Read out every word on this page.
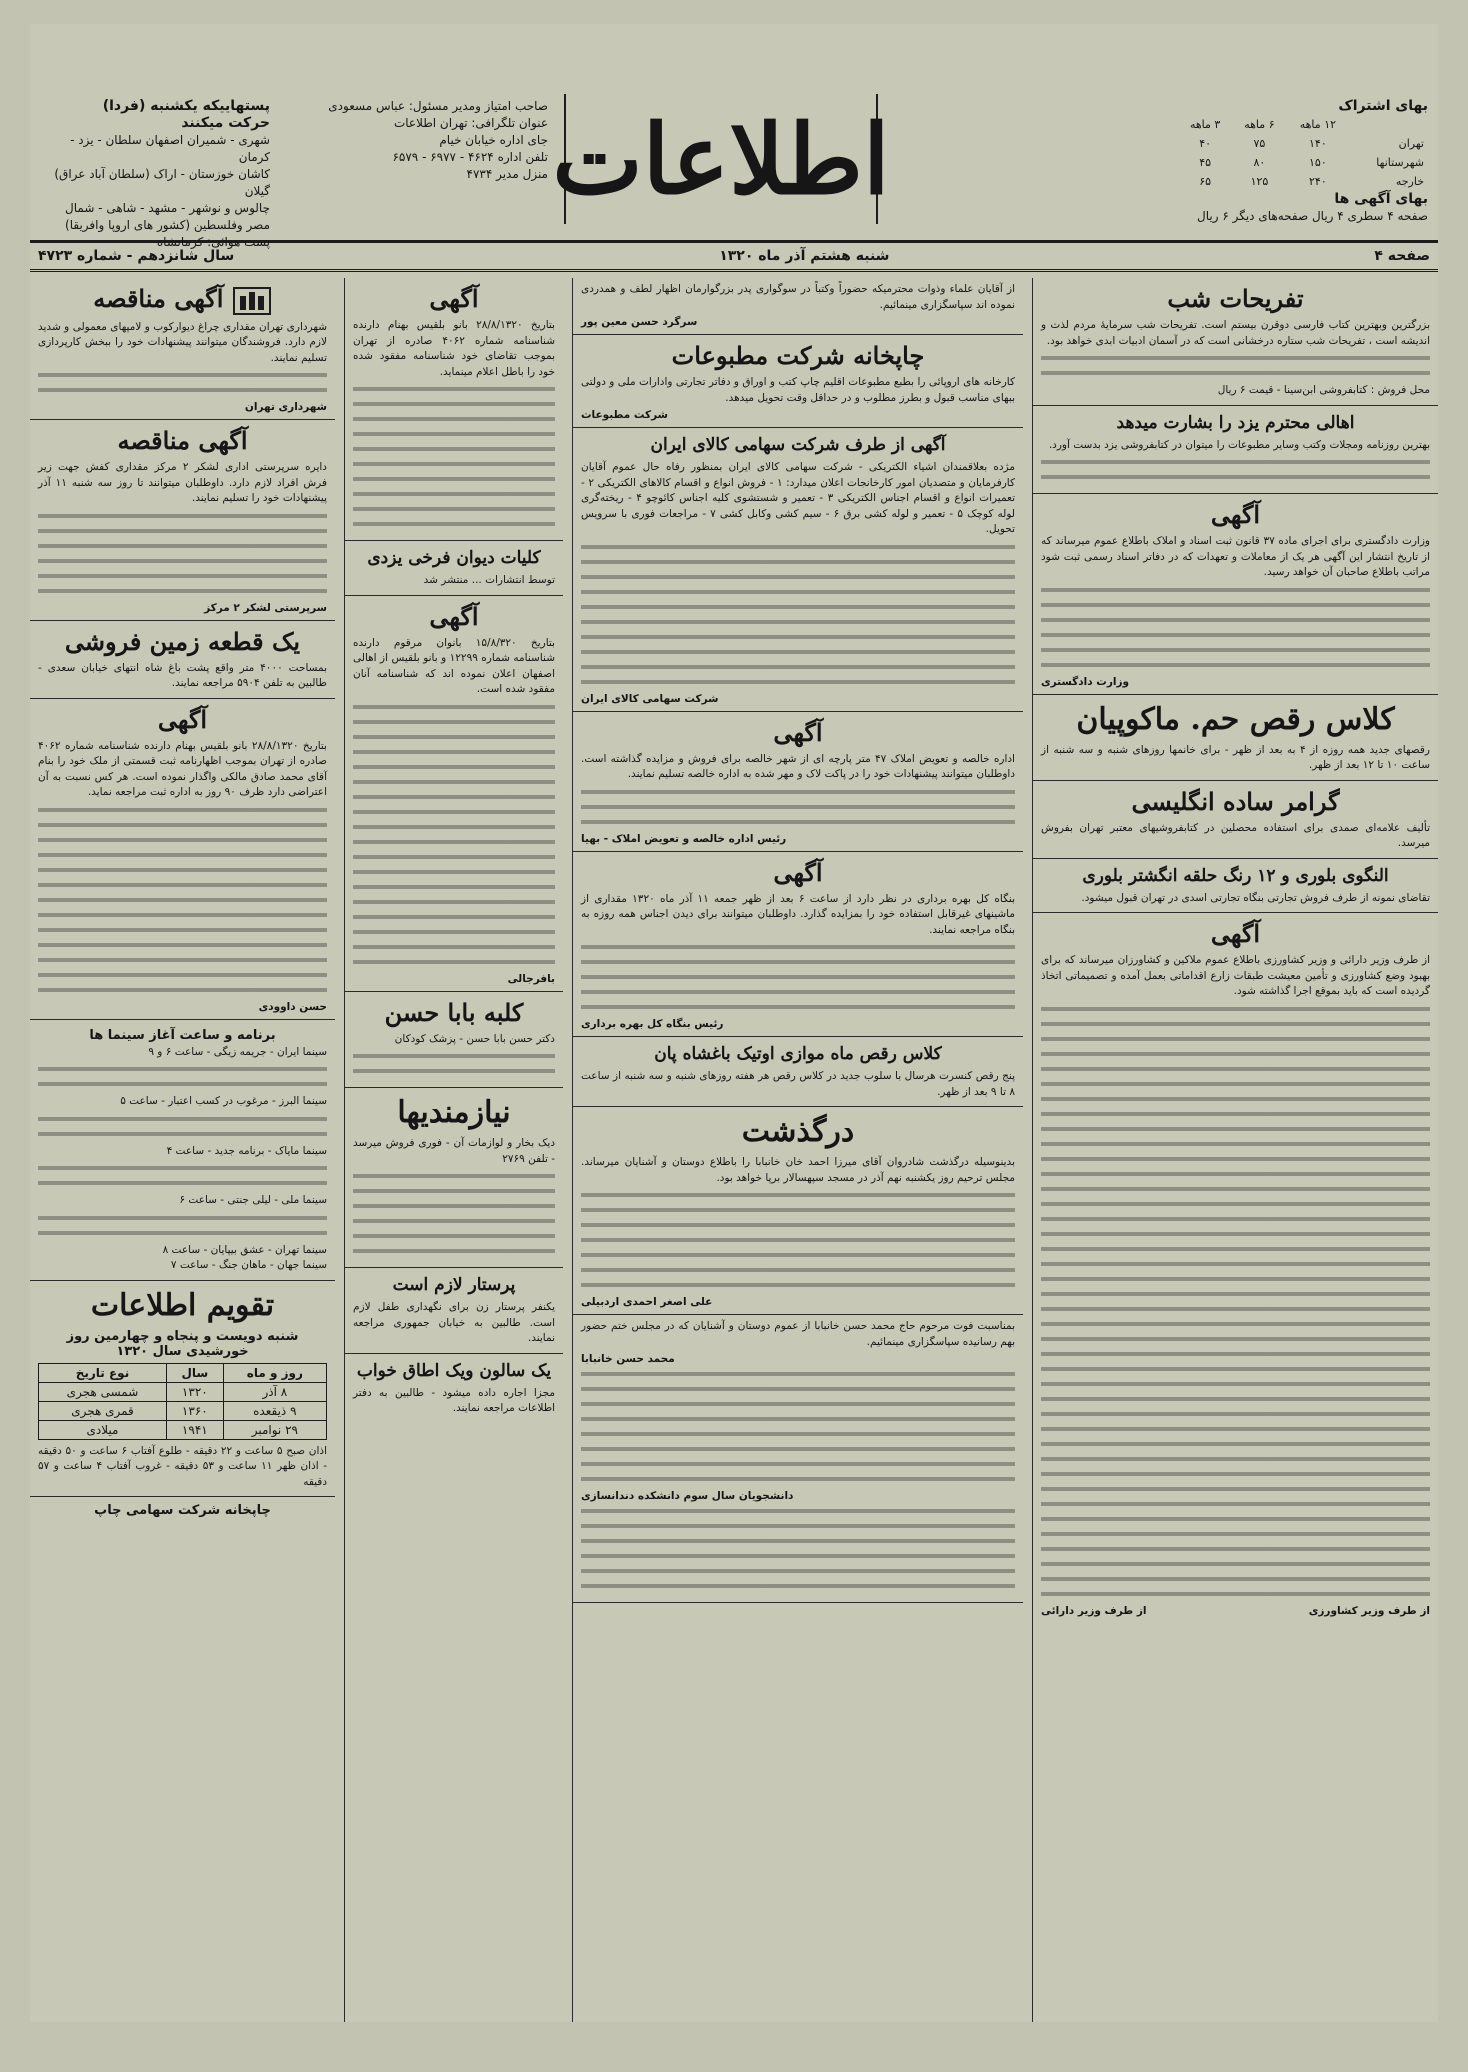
بهای اشتراک
	۱۲ ماهه	۶ ماهه	۳ ماهه
تهران	۱۴۰	۷۵	۴۰
شهرستانها	۱۵۰	۸۰	۴۵
خارجه	۲۴۰	۱۲۵	۶۵
بهای آگهی ها
صفحه ۴ سطری ۴ ریال صفحه‌های دیگر ۶ ریال
اطلاعات
صاحب امتیاز ومدیر مسئول: عباس مسعودی
عنوان تلگرافی: تهران اطلاعات
جای اداره خیابان خیام
تلفن اداره ۴۶۲۴ - ۶۹۷۷ - ۶۵۷۹
منزل مدیر ۴۷۳۴
پستهاییکه یکشنبه (فردا)
حرکت میکنند
شهری - شمیران اصفهان سلطان - یزد - کرمان
کاشان خوزستان - اراک (سلطان آباد عراق) گیلان
چالوس و نوشهر - مشهد - شاهی - شمال
مصر وفلسطین (کشور های اروپا وافریقا)
پست هوائی: کرمانشاه
صفحه ۴
شنبه هشتم آذر ماه ۱۳۲۰
سال شانزدهم - شماره ۴۷۲۳
تفریحات شب

بزرگترین وبهترین کتاب فارسی دوقرن بیستم است. تفریحات شب سرمایهٔ مردم لذت و اندیشه است ، تفریحات شب ستاره درخشانی است که در آسمان ادبیات ابدی خواهد بود.

محل فروش : کتابفروشی ابن‌سینا - قیمت ۶ ریال

اهالی محترم یزد را بشارت میدهد

بهترین روزنامه ومجلات وکتب وسایر مطبوعات را میتوان در کتابفروشی یزد بدست آورد.

آگهی

وزارت دادگستری برای اجرای ماده ۳۷ قانون ثبت اسناد و املاک باطلاع عموم میرساند که از تاریخ انتشار این آگهی هر یک از معاملات و تعهدات که در دفاتر اسناد رسمی ثبت شود مراتب باطلاع صاحبان آن خواهد رسید.

وزارت دادگستری
کلاس رقص حم. ماکوپیان

رقصهای جدید همه روزه از ۴ به بعد از ظهر - برای خانمها روزهای شنبه و سه شنبه از ساعت ۱۰ تا ۱۲ بعد از ظهر.

گرامر ساده انگلیسی

تألیف علامه‌ای صمدی برای استفاده محصلین در کتابفروشیهای معتبر تهران بفروش میرسد.

النگوی بلوری و ۱۲ رنگ حلقه انگشتر بلوری

تقاضای نمونه از طرف فروش تجارتی بنگاه تجارتی اسدی در تهران قبول میشود.

آگهی

از طرف وزیر دارائی و وزیر کشاورزی باطلاع عموم ملاکین و کشاورزان میرساند که برای بهبود وضع کشاورزی و تأمین معیشت طبقات زارع اقداماتی بعمل آمده و تصمیماتی اتخاذ گردیده است که باید بموقع اجرا گذاشته شود.

از طرف وزیر کشاورزی
از طرف وزیر دارائی

از آقایان علماء وذوات محترمیکه حضوراً وکتباً در سوگواری پدر بزرگوارمان اظهار لطف و همدردی نموده اند سپاسگزاری مینمائیم.

سرگرد حسن معین پور
چاپخانه شرکت مطبوعات

کارخانه های اروپائی را بطبع مطبوعات اقلیم چاپ کتب و اوراق و دفاتر تجارتی وادارات ملی و دولتی ببهای مناسب قبول و بطرز مطلوب و در حداقل وقت تحویل میدهد.

شرکت مطبوعات
آگهی از طرف شرکت سهامی کالای ایران

مژده بعلاقمندان اشیاء الکتریکی - شرکت سهامی کالای ایران بمنظور رفاه حال عموم آقایان کارفرمایان و متصدیان امور کارخانجات اعلان میدارد: ۱ - فروش انواع و اقسام کالاهای الکتریکی ۲ - تعمیرات انواع و اقسام اجناس الکتریکی ۳ - تعمیر و شستشوی کلیه اجناس کائوچو ۴ - ریخته‌گری لوله کوچک ۵ - تعمیر و لوله کشی برق ۶ - سیم کشی وکابل کشی ۷ - مراجعات فوری با سرویس تحویل.

شرکت سهامی کالای ایران
آگهی

اداره خالصه و تعویض املاک ۴۷ متر پارچه ای از شهر خالصه برای فروش و مزایده گذاشته است. داوطلبان میتوانند پیشنهادات خود را در پاکت لاک و مهر شده به اداره خالصه تسلیم نمایند.

رئیس اداره خالصه و تعویض املاک - بهیا
آگهی

بنگاه کل بهره برداری در نظر دارد از ساعت ۶ بعد از ظهر جمعه ۱۱ آذر ماه ۱۳۲۰ مقداری از ماشینهای غیرقابل استفاده خود را بمزایده گذارد. داوطلبان میتوانند برای دیدن اجناس همه روزه به بنگاه مراجعه نمایند.

رئیس بنگاه کل بهره برداری
کلاس رقص ماه موازی اوتیک باغشاه پان

پنج رقص کنسرت هرسال با سلوب جدید در کلاس رقص هر هفته روزهای شنبه و سه شنبه از ساعت ۸ تا ۹ بعد از ظهر.

درگذشت

بدینوسیله درگذشت شادروان آقای میرزا احمد خان خانبابا را باطلاع دوستان و آشنایان میرساند. مجلس ترحیم روز یکشنبه نهم آذر در مسجد سپهسالار برپا خواهد بود.

علی اصغر احمدی اردبیلی

بمناسبت فوت مرحوم حاج محمد حسن خانبابا از عموم دوستان و آشنایان که در مجلس ختم حضور بهم رسانیده سپاسگزاری مینمائیم.

محمد حسن خانبابا
دانشجویان سال سوم دانشکده دندانسازی
آگهی

بتاریخ ۲۸/۸/۱۳۲۰ بانو بلقیس بهنام دارنده شناسنامه شماره ۴۰۶۲ صادره از تهران بموجب تقاضای خود شناسنامه مفقود شده خود را باطل اعلام مینماید.

کلیات دیوان فرخی یزدی

توسط انتشارات ... منتشر شد

آگهی

بتاریخ ۱۵/۸/۳۲۰ بانوان مرقوم دارنده شناسنامه شماره ۱۲۲۹۹ و بانو بلقیس از اهالی اصفهان اعلان نموده اند که شناسنامه آنان مفقود شده است.

بافرجالی
کلبه بابا حسن

دکتر حسن بابا حسن - پزشک کودکان

نیازمندیها

دیک بخار و لوازمات آن - فوری فروش میرسد - تلفن ۲۷۶۹

پرستار لازم است

یکنفر پرستار زن برای نگهداری طفل لازم است. طالبین به خیابان جمهوری مراجعه نمایند.

یک سالون ویک اطاق خواب

مجزا اجاره داده میشود - طالبین به دفتر اطلاعات مراجعه نمایند.

آگهی مناقصه

شهرداری تهران مقداری چراغ دیوارکوب و لامپهای معمولی و شدید لازم دارد. فروشندگان میتوانند پیشنهادات خود را ببخش کارپردازی تسلیم نمایند.

شهرداری تهران
آگهی مناقصه

دایره سرپرستی اداری لشکر ۲ مرکز مقداری کفش جهت زیر فرش افراد لازم دارد. داوطلبان میتوانند تا روز سه شنبه ۱۱ آذر پیشنهادات خود را تسلیم نمایند.

سرپرستی لشکر ۲ مرکز
یک قطعه زمین فروشی

بمساحت ۴۰۰۰ متر واقع پشت باغ شاه انتهای خیابان سعدی - طالبین به تلفن ۵۹۰۴ مراجعه نمایند.

آگهی

بتاریخ ۲۸/۸/۱۳۲۰ بانو بلقیس بهنام دارنده شناسنامه شماره ۴۰۶۲ صادره از تهران بموجب اظهارنامه ثبت قسمتی از ملک خود را بنام آقای محمد صادق مالکی واگذار نموده است. هر کس نسبت به آن اعتراضی دارد ظرف ۹۰ روز به اداره ثبت مراجعه نماید.

حسن داوودی
برنامه و ساعت آغاز سینما ها

سینما ایران - جریمه زیگی - ساعت ۶ و ۹

سینما البرز - مرغوب در کسب اعتبار - ساعت ۵

سینما مایاک - برنامه جدید - ساعت ۴

سینما ملی - لیلی جنتی - ساعت ۶

سینما تهران - عشق بیپایان - ساعت ۸

سینما جهان - ماهان جنگ - ساعت ۷

تقویم اطلاعات
شنبه دویست و پنجاه و چهارمین روز خورشیدی سال ۱۳۲۰
روز و ماه	سال	نوع تاریخ
۸ آذر	۱۳۲۰	شمسی هجری
۹ ذیقعده	۱۳۶۰	قمری هجری
۲۹ نوامبر	۱۹۴۱	میلادی

اذان صبح ۵ ساعت و ۲۲ دقیقه - طلوع آفتاب ۶ ساعت و ۵۰ دقیقه - اذان ظهر ۱۱ ساعت و ۵۳ دقیقه - غروب آفتاب ۴ ساعت و ۵۷ دقیقه

چاپخانه شرکت سهامی چاپ
